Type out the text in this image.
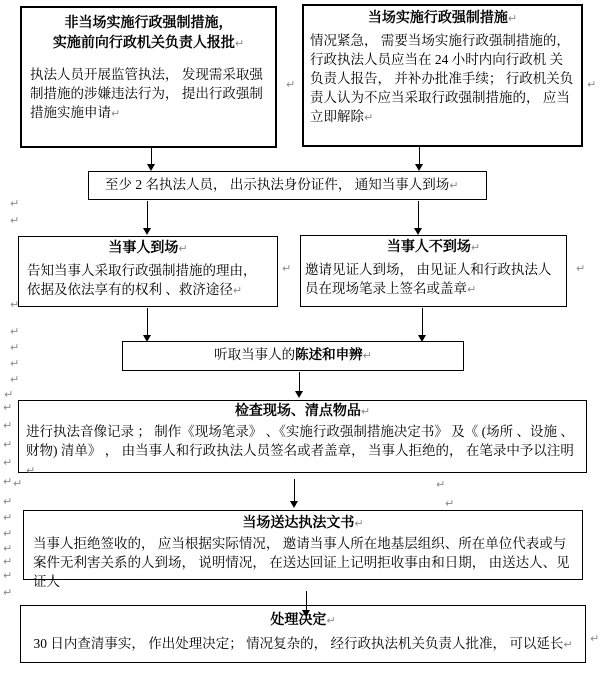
非当场实施行政强制措施，
实施前向行政机关负责人报批↵
执法人员开展监管执法， 发现需采取强制措施的涉嫌违法行为， 提出行政强制措施实施申请↵
当场实施行政强制措施↵
情况紧急， 需要当场实施行政强制措施的， 行政执法人员应当在 24 小时内向行政机 关负责人报告， 并补办批准手续； 行政机关负责人认为不应当采取行政强制措施的， 应当立即解除↵
至少 2 名执法人员， 出示执法身份证件， 通知当事人到场↵
当事人到场↵
告知当事人采取行政强制措施的理由， 依据及依法享有的权利 、救济途径↵
当事人不到场↵
邀请见证人到场， 由见证人和行政执法人员在现场笔录上签名或盖章↵
听取当事人的陈述和申辨↵
检查现场、清点物品↵
进行执法音像记录 ； 制作《现场笔录》 、《实施行政强制措施决定书》 及《 (场所 、设施 、财物) 清单》 ， 由当事人和行政执法人员签名或者盖章， 当事人拒绝的， 在笔录中予以注明↵
当场送达执法文书↵
当事人拒绝签收的， 应当根据实际情况， 邀请当事人所在地基层组织、所在单位代表或与案件无利害关系的人到场， 说明情况， 在送达回证上记明拒收事由和日期， 由送达人、见证人
处理决定↵
30 日内查清事实， 作出处理决定； 情况复杂的， 经行政执法机关负责人批准， 可以延长↵
↵	↵
↵
↵
↵	↵
↵
↵
↵
↵
↵
↵
↵
↵
↵
↵
↵ ↵	↵
↵
↵
↵
↵
↵
↵
↵
↵
↵
